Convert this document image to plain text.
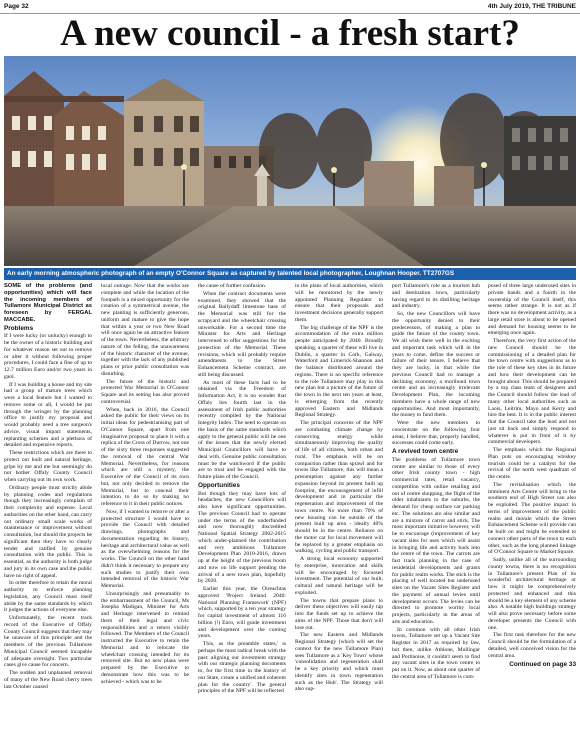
Page 32	4th July 2019, THE TRIBUNE
A new council - a fresh start?
An early morning atmospheric photograph of an empty O'Connor Square as captured by talented local photographer, Loughnan Hooper. TT2707GS

SOME of the problems (and opportunities) which will face the incoming members of Tullamore Municipal District as foreseen by FERGAL MACCABE.

Problems

If I were lucky (or unlucky) enough to be the owner of a historic building and for whatever reason set out to remove or alter it without following proper procedures, I could face a fine of up to 12.7 million Euro and/or two years in gaol.

If I was building a house and my site had a group of mature trees which were a local feature but I wanted to remove some or all, I would be put through the wringer by the planning office to justify my proposal and would probably need a tree surgeon's advice, visual impact statements, replanting schemes and a plethora of detailed and expensive reports.

These restrictions which are there to protect our built and natural heritage, gripe by me and me but seemingly do not bother Offaly County Council when carrying out its own work.

Ordinary people must strictly abide by planning codes and regulations though they increasingly complain of their complexity and expense. Local authorities on the other hand, can carry out ordinary small scale works of maintenance or improvement without consultation, but should the projects be significant then they have to clearly tender and ratified by genuine consultation with the public. This is essential, as the authority is both judge and jury in its own case and the public have no right of appeal.

In order therefore to retain the moral authority to enforce planning legislation, any Council must itself abide by the same standards by which it judges the actions of everyone else.

Unfortunately, the recent track record of the Executive of Offaly County Council suggests that they may be unaware of this principle and the members of the previous Tullamore Municipal Council seemed incapable of adequate oversight. Two particular cases give cause for concern.

The sudden and unplanned removal of many of the New Road cherry trees last October caused

local outrage. Now that the works are complete and while the location of the footpath is a mixed opportunity for the creation of a symmetrical avenue, the new planting is sufficiently generous, uniform and mature to give the hope that within a year or two New Road will once again be an attractive feature of the town. Nevertheless, the arbitrary nature of the felling, the unawareness of the historic character of the avenue, together with the lack of any published plans or prior public consultation was disturbing.

The future of the historic and protected War Memorial in O'Connor Square and its setting has also proved controversial.

When, back in 2016, the Council asked the public for their views on its initial ideas for pedestrianising part of O'Connor Square, apart from one imaginative proposal to place it with a replica of the Cross of Durrow, not one of the sixty three responses suggested the removal of the central War Memorial. Nevertheless, for reasons which are still a mystery, the Executive of the Council of its own but, not only decided to remove the Memorial, but to conceal their intention to do so by making no reference to it in their public notices.

Now, if I wanted to remove or alter a protected structure I would have to provide the Council with detailed drawings, photographs and documentation regarding its history, heritage and architectural value as well as the overwhelming reasons for the works. The Council on the other hand didn't think it necessary to prepare any such studies to justify their own intended removal of the historic War Memorial.

Unsurprisingly and presumably to the embarrassment of the Council, Ms Josepha Madigan, Minister for Arts and Heritage intervened to remind them of their legal and civic responsibilities and a return visibly followed. The Members of the Council instructed the Executive to retain the Memorial and to relocate the wheelchair crossing intended for its removed site. But no new plans were prepared by the Executive to demonstrate how this was to be achieved - which was to be

the cause of further confusion.

When the contract documents were examined, they showed that the original Ballydaff limestone base of the Memorial was still for the scrapyard and the wheelchair crossing unworkable. For a second time the Minister for Arts and Heritage intervened to offer suggestions for the protection of the Memorial. These revisions, which will probably require amendments to the Street Enhancement Scheme contract, are still being discussed.

As most of these facts had to be obtained via the Freedom of Information Act, it is no wonder that Offaly lies fourth last in the assessment of Irish public authorities recently compiled by the National Integrity Index. The need to operate on the basis of the same standards which apply to the general public will be one of the issues that the newly elected Municipal Councillors will have to deal with. Genuine public consultation must be the watchword if the public are to trust and be engaged with the future plans of the Council.

Opportunities

But though they may have lots of headaches, the new Councillors will also have significant opportunities. The previous Council had to operate under the terms of the underfunded and now thoroughly discredited National Spatial Strategy 2002-2015 which under-planned the contribution and very ambitious Tullamore Development Plan 2010-2016, drawn up at the height of the previous boom and now on life support pending the arrival of a new town plan, hopefully by 2020.

Earlier this year, the Oireachtas approved 'Project Ireland 2040: National Planning Framework' (NPF) which, supported by a ten year strategy for capital investment of almost 116 billion (!) Euro, will guide investment and development over the coming years.

This, as the preamble states,' is perhaps the most radical break with the past: aligning our investment strategy with our strategic planning documents to, for the first time in the history of our State, create a unified and coherent plan for the country'. The general principles of the NPF will be reflected

in the plans of local authorities, which will be monitored by the newly appointed Planning Regulator to ensure that their proposals and investment decisions generally support them.

The big challenge of the NPF is the accommodation of the extra million people anticipated by 2040. Broadly speaking, a quarter of these will live in Dublin, a quarter in Cork, Galway, Waterford and Limerick-Shannon and the balance distributed around the regions. There is no specific reference to the role Tullamore may play in this new plan but a picture of the future of the town in the next ten years at least, is emerging from the recently approved Eastern and Midlands Regional Strategy.

The principal concerns of the NPF are combating climate change by conserving energy while simultaneously improving the quality of life of all citizens, both urban and rural. The emphasis will be on compaction rather than sprawl and for towns like Tullamore, this will mean a presumption against any further expansion beyond its present built up footprint, the encouragement of infill development and in particular the regeneration and improvement of the town centre. No more than 70% of new housing can be outside of the present built up area - ideally 40% should be in the centre. Reliance on the motor car for local movement will be replaced by a greater emphasis on walking, cycling and public transport.

A strong local economy supported by enterprise, innovation and skills will be encouraged by focussed investment. The potential of our built, cultural and natural heritage will be exploited.

The towns that prepare plans to deliver these objectives will easily tap into the funds set up to achieve the aims of the NPF. Those that don't will lose out.

The new Eastern and Midlands Regional Strategy (which will set the context for the new Tullamore Plan) sees Tullamore as a 'Key Town' whose 'consolidation and regeneration shall be a key priority and which must identify sites in town regeneration such as the Hub'. The Strategy will also sup-

port Tullamore's role as a tourism hub and destination town, particularly having regard to its distilling heritage and industry.

So, the new Councillors will have the opportunity denied to their predecessors, of making a plan to guide the future of the county town. We all wish there well in the exciting and important task which will in the years to come, define the success or failure of their tenure. I believe that they are lucky, in that while the previous Council had to manage a declining economy, a moribund town centre and an increasingly irrelevant Development Plan, the incoming members have a whole range of new opportunities. And most importantly, the money to fund them.

Were the new members to concentrate on the following four areas, I believe that, properly handled, successes could come early.

A revived town centre

The problems of Tullamore town centre are similar to those of every other Irish county town - high commercial rates, retail vacancy, competition with online retailing and out of centre shopping, the flight of the older inhabitants to the suburbs, the demand for cheap surface car parking etc. The solutions are also similar and are a mixture of carrot and stick. The most important initiative however, will be to encourage (improvement of key vacant sites for uses which will assist in bringing life and activity back into the centre of the town. The carrots are fast track planning in the case of residential developments and grants for public realm works. The stick is the placing of well located but underused sites on the Vacant Sites Register and the payment of annual levies until development occurs. The levies can be directed to promote worthy local projects, particularly in the areas of arts and education.

In common with all other Irish towns, Tullamore set up a Vacant Site Register in 2017 as required by law, but then, unlike Athlone, Mullingar and Portlaoise, it couldn't seem to find any vacant sites in the town centre to put on it. Now, as about one quarter of the central area of Tullamore is com-

posed of three large underused sites in private hands and a fourth in the ownership of the Council itself, this seems rather strange. It is not as if there was no development activity, as a large retail store is about to be opened and demand for housing seems to be emerging once again.

Therefore, the very first action of the new Council should be the commissioning of a detailed plan for the town centre with suggestions as to the role of these key sites in its future and how their development can be brought about. This should be prepared by a top class team of designers and the Council should follow the lead of many other local authorities such as Laois, Leitrim, Mayo and Kerry and hire the best. It is in the public interest that the Council take the lead and not just sit back and simply respond to whatever is put in front of it by commercial developers.

The emphasis which the Regional Plan puts on encouraging whiskey tourism could be a catalyst for the revival of the north west quadrant of the centre.

The revitalisation which the imminent Arts Centre will bring to the southern end of High Street can also be exploited. The positive impact in terms of improvement of the public realm and morale which the Street Enhancement Scheme will provide can be built on and might be extended to connect other parts of the town to each other, such as the long planned linkage of O'Connor Square to Market Square.

Sadly, unlike all of the surrounding county towns, there is no recognition in Tullamore's present Plan of its wonderful architectural heritage or how it might be comprehensively protected and enhanced and this should be a key element of any scheme also. A notable high buildings strategy will also prove necessary before some developer presents the Council with one.

The first task therefore for the new Council should be the formulation of a detailed, well conceived vision for the central area.

Continued on page 33
